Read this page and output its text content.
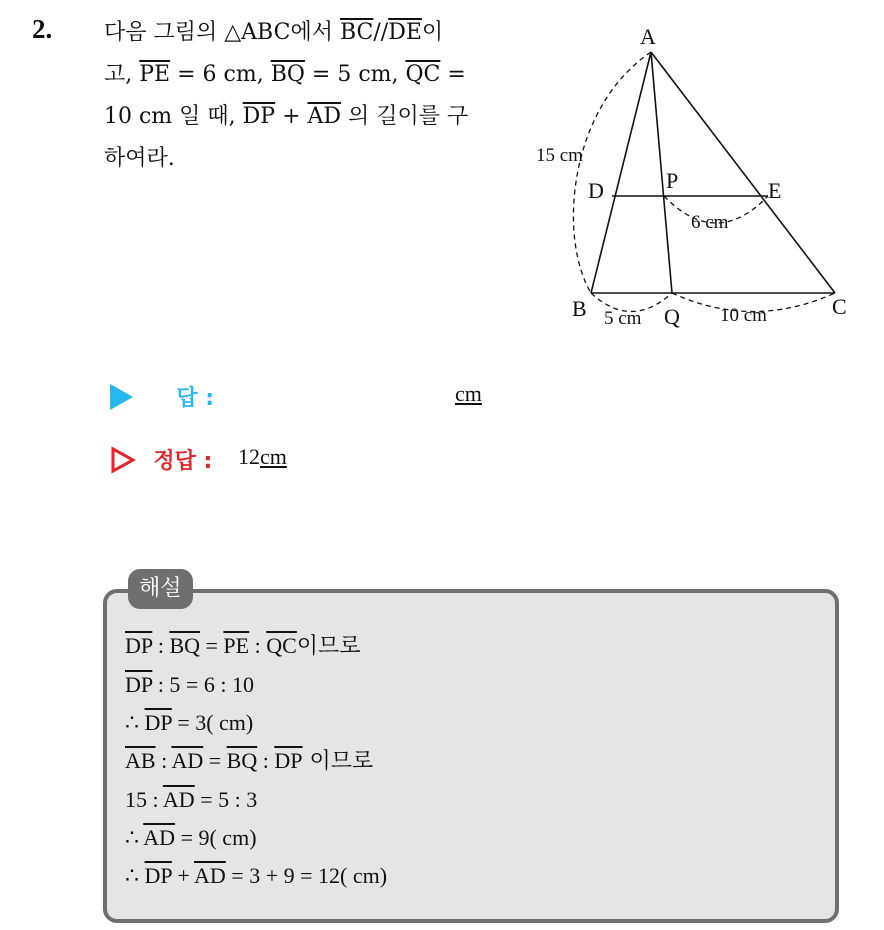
2. 다음 그림의 △ABC에서 $\overline{BC}//\overline{DE}$이
고, $\overline{PE} = 6$ cm, $\overline{BQ} = 5$ cm, $\overline{QC}$ =
10 cm 일 때, $\overline{DP} + \overline{AD}$ 의 길이를 구
하여라.
A
B	C
D	E
P
Q
15 cm
6 cm
5 cm	10 cm
답 :	cm
정답 : 12cm
해설
$\overline{DP}$ : $\overline{BQ} = \overline{PE}$ : $\overline{QC}$이므로
$\overline{DP}$ : 5 = 6 : 10
∴ $\overline{DP} = 3$( cm)
$\overline{AB}$ : $\overline{AD} = \overline{BQ}$ : $\overline{DP}$ 이므로
15 : $\overline{AD} = 5$ : 3
∴ $\overline{AD} = 9$( cm)
∴ $\overline{DP} + \overline{AD} = 3 + 9 = 12$( cm)
